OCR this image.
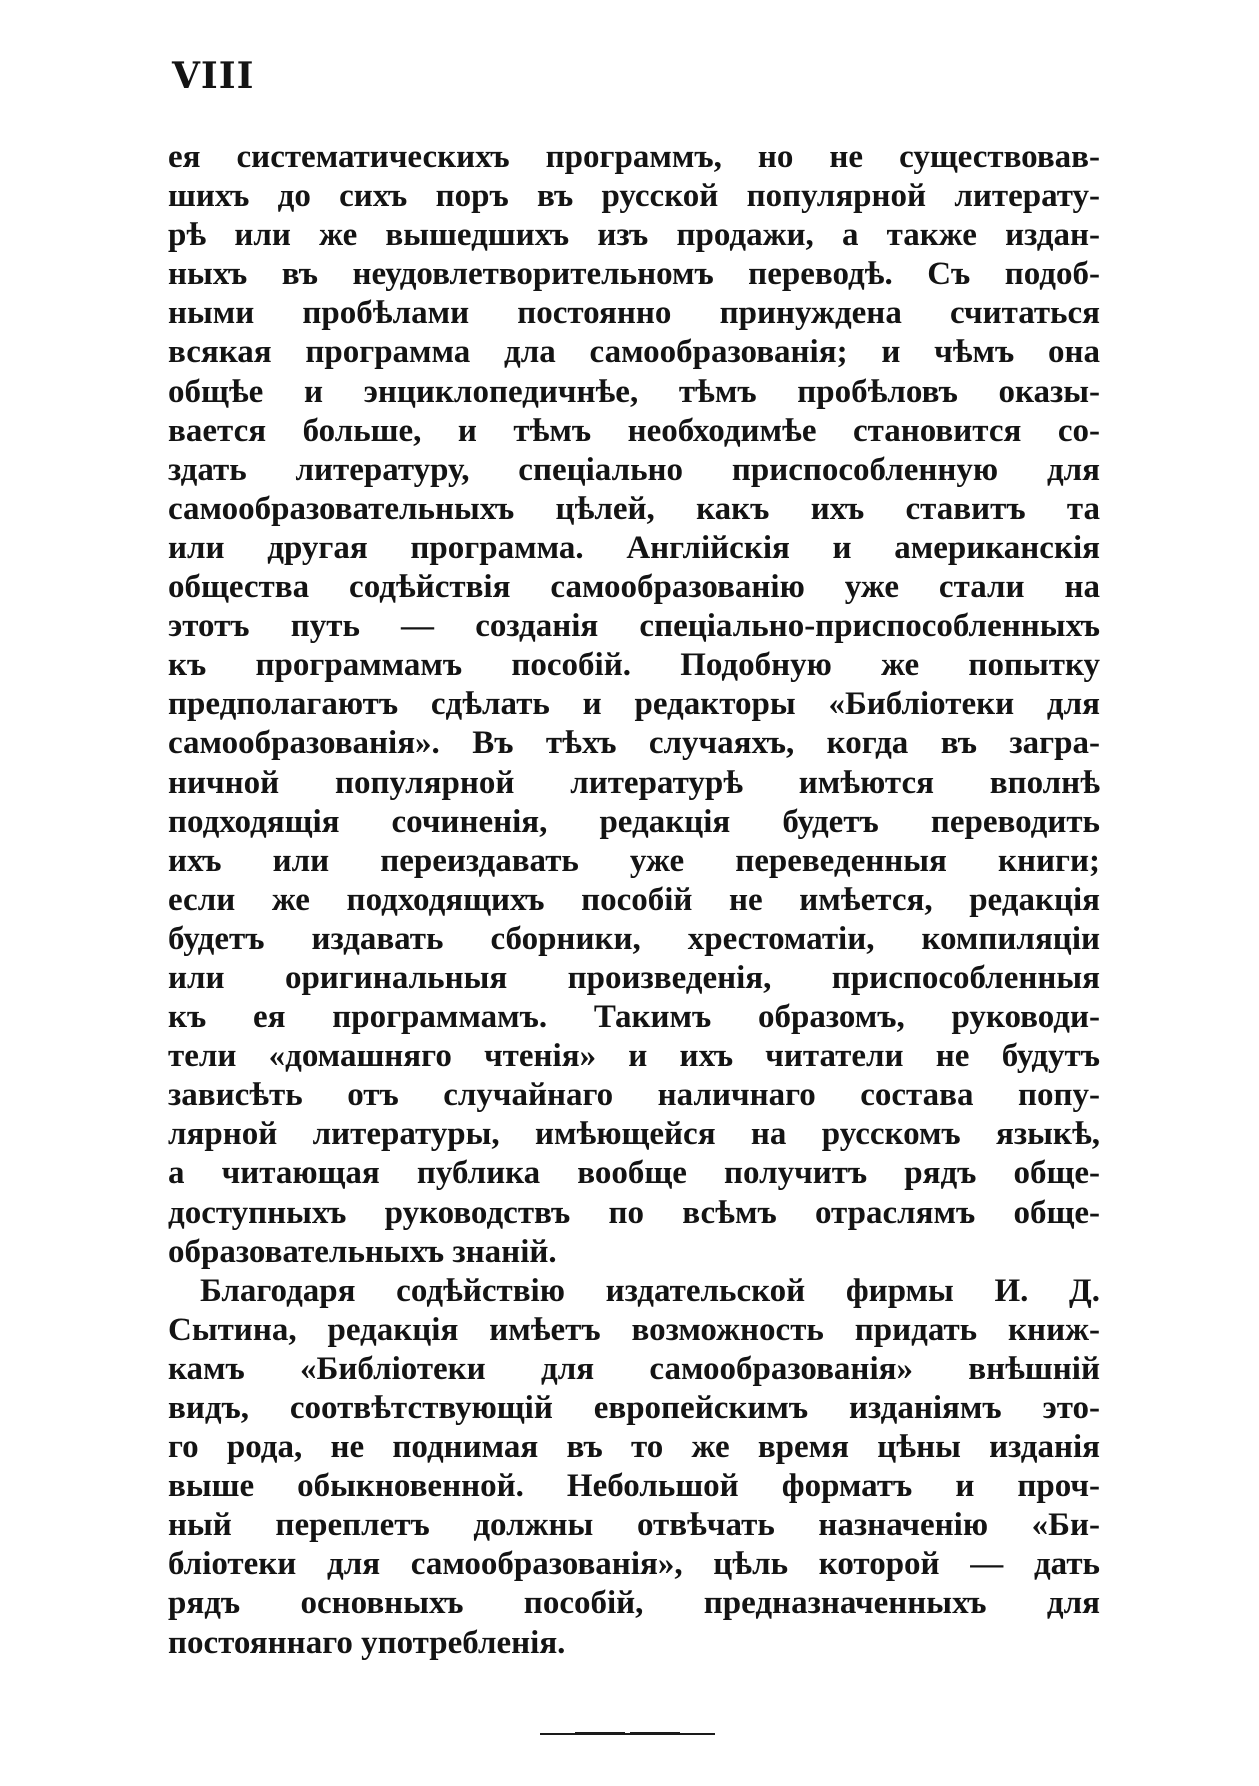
VIII
ея систематическихъ программъ, но не существовав-
шихъ до сихъ поръ въ русской популярной литерату-
рѣ или же вышедшихъ изъ продажи, а также издан-
ныхъ въ неудовлетворительномъ переводѣ. Съ подоб-
ными пробѣлами постоянно принуждена считаться
всякая программа дла самообразованія; и чѣмъ она
общѣе и энциклопедичнѣе, тѣмъ пробѣловъ оказы-
вается больше, и тѣмъ необходимѣе становится со-
здать литературу, спеціально приспособленную для
самообразовательныхъ цѣлей, какъ ихъ ставитъ та
или другая программа. Англійскія и американскія
общества содѣйствія самообразованію уже стали на
этотъ путь — созданія спеціально-приспособленныхъ
къ программамъ пособій. Подобную же попытку
предполагаютъ сдѣлать и редакторы «Библіотеки для
самообразованія». Въ тѣхъ случаяхъ, когда въ загра-
ничной популярной литературѣ имѣются вполнѣ
подходящія сочиненія, редакція будетъ переводить
ихъ или переиздавать уже переведенныя книги;
если же подходящихъ пособій не имѣется, редакція
будетъ издавать сборники, хрестоматіи, компиляціи
или оригинальныя произведенія, приспособленныя
къ ея программамъ. Такимъ образомъ, руководи-
тели «домашняго чтенія» и ихъ читатели не будутъ
зависѣть отъ случайнаго наличнаго состава попу-
лярной литературы, имѣющейся на русскомъ языкѣ,
а читающая публика вообще получитъ рядъ обще-
доступныхъ руководствъ по всѣмъ отраслямъ обще-
образовательныхъ знаній.
Благодаря содѣйствію издательской фирмы И. Д.
Сытина, редакція имѣетъ возможность придать книж-
камъ «Библіотеки для самообразованія» внѣшній
видъ, соотвѣтствующій европейскимъ изданіямъ это-
го рода, не поднимая въ то же время цѣны изданія
выше обыкновенной. Небольшой форматъ и проч-
ный переплетъ должны отвѣчать назначенію «Би-
бліотеки для самообразованія», цѣль которой — дать
рядъ основныхъ пособій, предназначенныхъ для
постояннаго употребленія.
